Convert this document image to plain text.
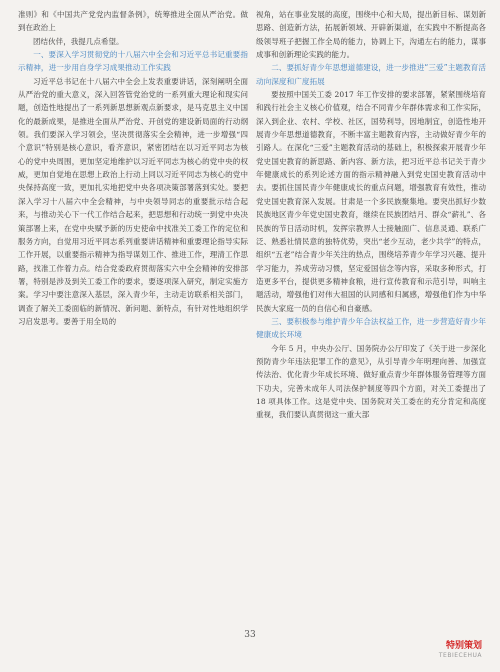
准则》和《中国共产党党内监督条例》，统筹推进全面从严治党。做到在政治上

团结伙伴，我提几点希望。

一、要深入学习贯彻党的十八届六中全会和习近平总书记重要指示精神，进一步用自身学习成果推动工作实践

习近平总书记在十八届六中全会上发表重要讲话，深刻阐明全面从严治党的重大意义，深入回答管党治党的一系列重大理论和现实问题，创造性地提出了一系列新思想新观点新要求，是马克思主义中国化的最新成果，是推进全面从严治党、开创党的建设新局面的行动纲领。我们要深入学习领会，坚决贯彻落实全会精神，进一步增强“四个意识”特别是核心意识，看齐意识，紧密团结在以习近平同志为核心的党中央周围，更加坚定地维护以习近平同志为核心的党中央的权威，更加自觉地在思想上政治上行动上同以习近平同志为核心的党中央保持高度一致，更加扎实地把党中央各项决策部署落到实处。要把深入学习十八届六中全会精神，与中央领导同志的重要批示结合起来，与推动关心下一代工作结合起来，把思想和行动统一到党中央决策部署上来，在党中央赋予新的历史使命中找准关工委工作的定位和服务方向，自觉用习近平同志系列重要讲话精神和重要理论指导实际工作开展，以重要指示精神为指导谋划工作、推进工作，理清工作思路，找准工作着力点。结合党委政府贯彻落实六中全会精神的安排部署，特别是涉及到关工委工作的要求，要逐项深入研究，制定实施方案。学习中要注意深入基层，深入青少年，主动走访联系相关部门，调查了解关工委面临的新情况、新问题、新特点，有针对性地组织学习启发思考。要善于用全局的

视角，站在事业发展的高度，围绕中心和大局，提出新目标、谋划新思路、创造新方法，拓展新领域、开辟新渠道，在实践中不断提高各级领导班子把握工作全局的能力，协调上下，沟通左右的能力，谋事成事和创新理论实践的能力。

二、要抓好青少年思想道德建设，进一步推进“三爱”主题教育活动向深度和广度拓展

要按照中国关工委 2017 年工作安排的要求部署，紧紧围绕培育和践行社会主义核心价值观，结合不同青少年群体需求和工作实际，深入到企业、农村、学校、社区，国势利导，因地制宜，创造性地开展青少年思想道德教育，不断丰富主题教育内容，主动做好青少年的引路人。在深化“三爱”主题教育活动的基础上，积极探索开展青少年党史国史教育的新思路、新内容、新方法，把习近平总书记关于青少年健康成长的系列论述方面的指示精神融入到党史国史教育活动中去。要抓住国民青少年健康成长的重点问题，增强教育有效性，推动党史国史教育深入发展。甘肃是一个多民族聚集地。要突出抓好少数民族地区青少年党史国史教育，继续在民族团结月、群众“薪礼”、各民族的节日活动时机，发挥宗教界人士接触面广、信息灵通、联系广泛、熟悉社情民意的独特优势，突出“老少互动，老少共学”的特点，组织“五老”结合青少年关注的热点，围绕培养青少年学习兴趣、提升学习能力，养成劳动习惯，坚定爱国信念等内容，采取多种形式，打造更多平台，提供更多精神食粮，进行宣传教育和示范引导，叫响主题活动，增强他们对伟大祖国的认同感和归属感，增强他们作为中华民族大家庭一员的自信心和自豪感。

三、要积极参与维护青少年合法权益工作，进一步营造好青少年健康成长环境

今年 5 月，中央办公厅、国务院办公厅印发了《关于进一步深化预防青少年违法犯罪工作的意见》，从引导青少年明理向善、加强宣传法治、优化青少年成长环境、做好重点青少年群体服务管理等方面下功夫，完善未成年人司法保护制度等四个方面，对关工委提出了 18 项具体工作。这是党中央、国务院对关工委在的充分肯定和高度重视，我们要认真贯彻这一重大部

33
特别策划
TEBIECEHUA
